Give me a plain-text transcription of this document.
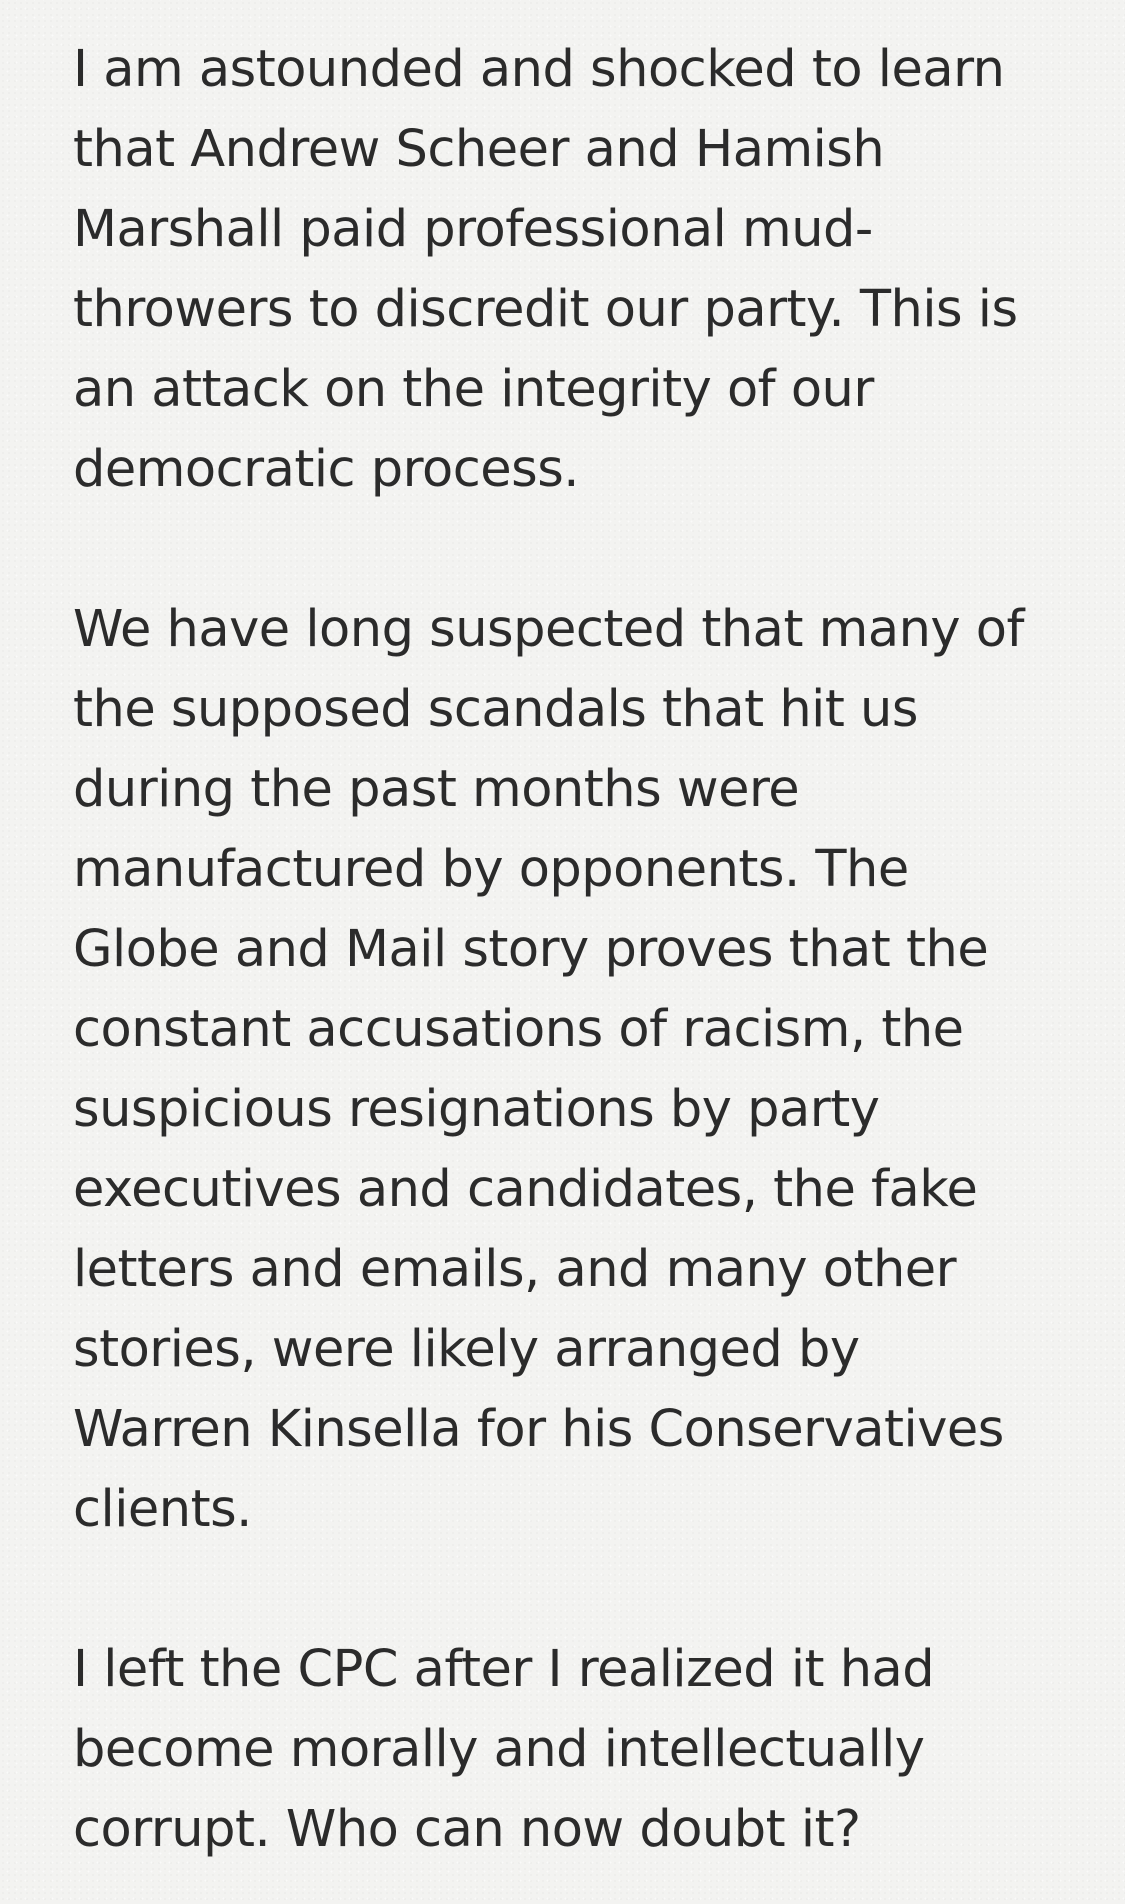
I am astounded and shocked to learn
that Andrew Scheer and Hamish
Marshall paid professional mud-
throwers to discredit our party. This is
an attack on the integrity of our
democratic process.
We have long suspected that many of
the supposed scandals that hit us
during the past months were
manufactured by opponents. The
Globe and Mail story proves that the
constant accusations of racism, the
suspicious resignations by party
executives and candidates, the fake
letters and emails, and many other
stories, were likely arranged by
Warren Kinsella for his Conservatives
clients.
I left the CPC after I realized it had
become morally and intellectually
corrupt. Who can now doubt it?
